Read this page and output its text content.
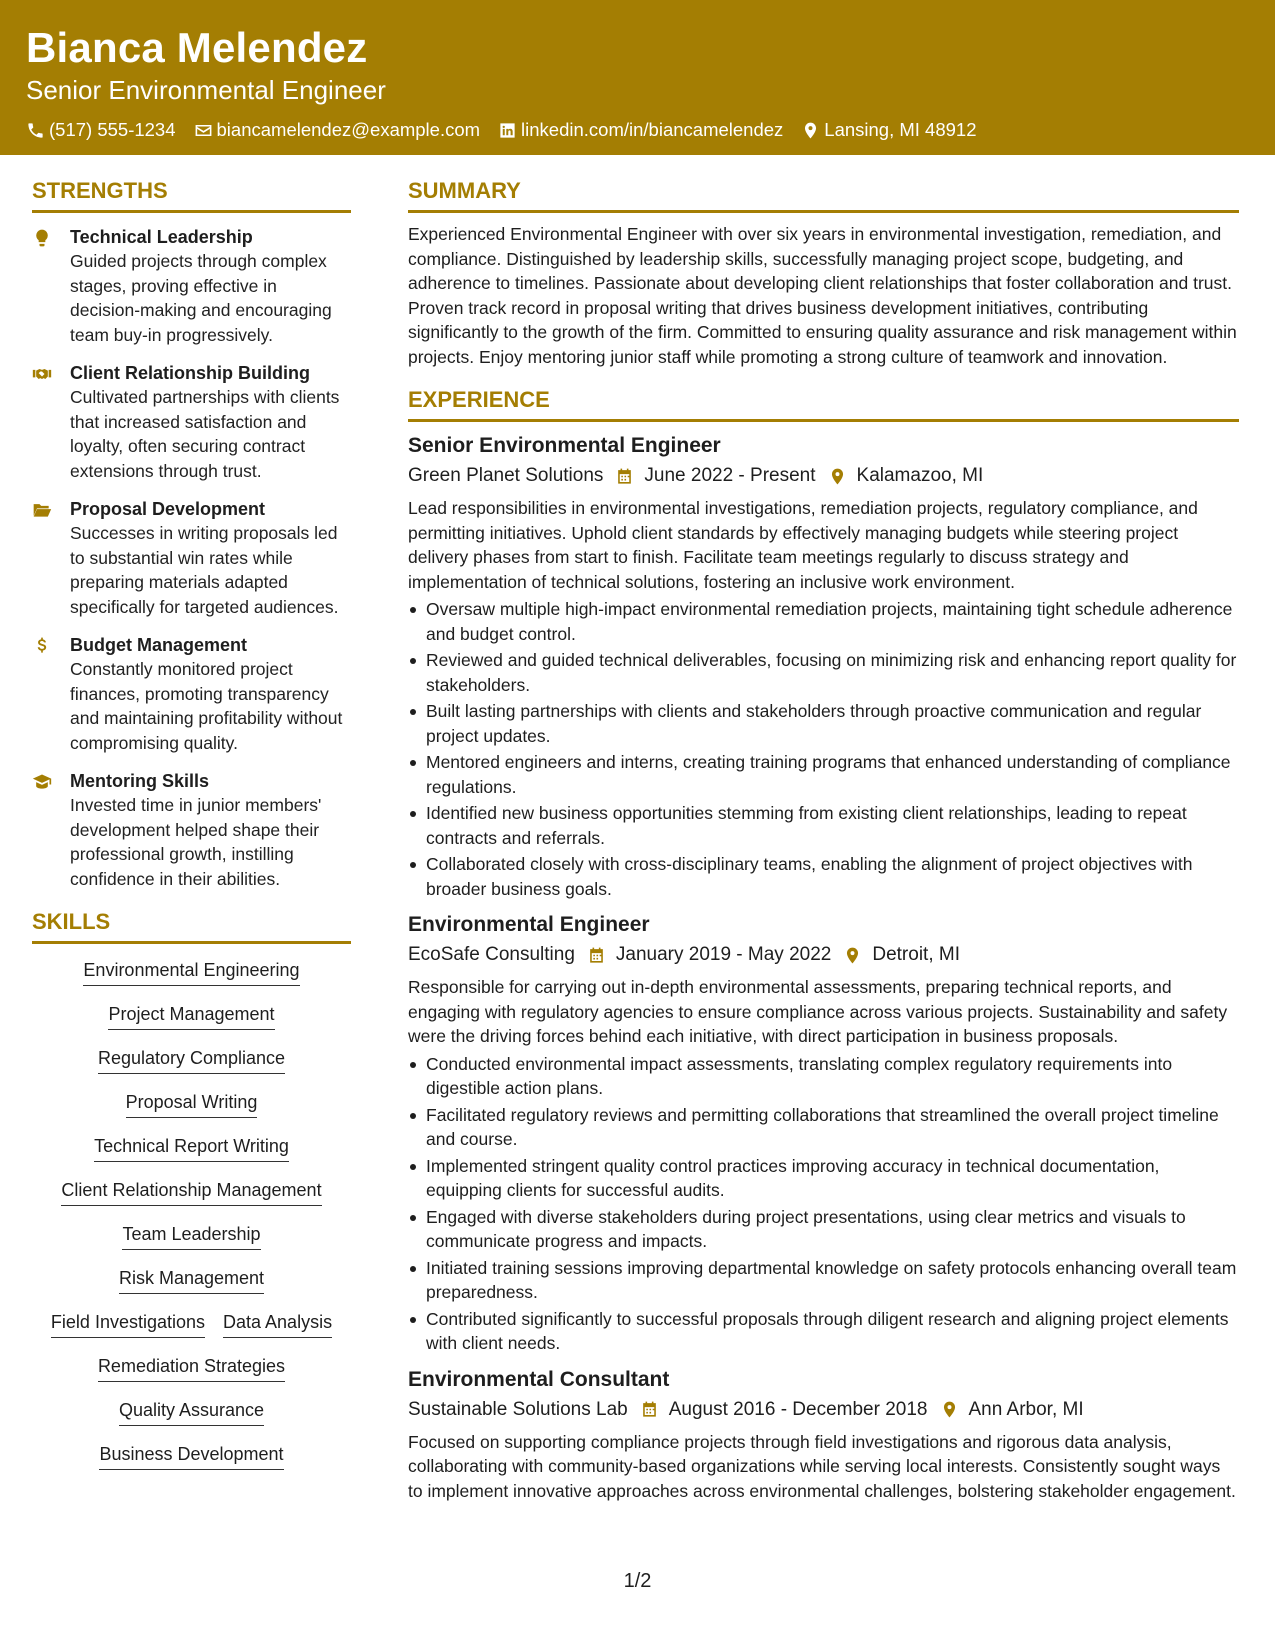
Bianca Melendez
Senior Environmental Engineer
(517) 555-1234 biancamelendez@example.com linkedin.com/in/biancamelendez Lansing, MI 48912
STRENGTHS
Technical Leadership
Guided projects through complex stages, proving effective in decision-making and encouraging team buy-in progressively.
Client Relationship Building
Cultivated partnerships with clients that increased satisfaction and loyalty, often securing contract extensions through trust.
Proposal Development
Successes in writing proposals led to substantial win rates while preparing materials adapted specifically for targeted audiences.
Budget Management
Constantly monitored project finances, promoting transparency and maintaining profitability without compromising quality.
Mentoring Skills
Invested time in junior members' development helped shape their professional growth, instilling confidence in their abilities.
SKILLS
Environmental Engineering
Project Management
Regulatory Compliance
Proposal Writing
Technical Report Writing
Client Relationship Management
Team Leadership
Risk Management
Field Investigations Data Analysis
Remediation Strategies
Quality Assurance
Business Development
SUMMARY
Experienced Environmental Engineer with over six years in environmental investigation, remediation, and compliance. Distinguished by leadership skills, successfully managing project scope, budgeting, and adherence to timelines. Passionate about developing client relationships that foster collaboration and trust. Proven track record in proposal writing that drives business development initiatives, contributing significantly to the growth of the firm. Committed to ensuring quality assurance and risk management within projects. Enjoy mentoring junior staff while promoting a strong culture of teamwork and innovation.
EXPERIENCE
Senior Environmental Engineer
Green Planet Solutions June 2022 - Present Kalamazoo, MI
Lead responsibilities in environmental investigations, remediation projects, regulatory compliance, and permitting initiatives. Uphold client standards by effectively managing budgets while steering project delivery phases from start to finish. Facilitate team meetings regularly to discuss strategy and implementation of technical solutions, fostering an inclusive work environment.
Oversaw multiple high-impact environmental remediation projects, maintaining tight schedule adherence and budget control.
Reviewed and guided technical deliverables, focusing on minimizing risk and enhancing report quality for stakeholders.
Built lasting partnerships with clients and stakeholders through proactive communication and regular project updates.
Mentored engineers and interns, creating training programs that enhanced understanding of compliance regulations.
Identified new business opportunities stemming from existing client relationships, leading to repeat contracts and referrals.
Collaborated closely with cross-disciplinary teams, enabling the alignment of project objectives with broader business goals.
Environmental Engineer
EcoSafe Consulting January 2019 - May 2022 Detroit, MI
Responsible for carrying out in-depth environmental assessments, preparing technical reports, and engaging with regulatory agencies to ensure compliance across various projects. Sustainability and safety were the driving forces behind each initiative, with direct participation in business proposals.
Conducted environmental impact assessments, translating complex regulatory requirements into digestible action plans.
Facilitated regulatory reviews and permitting collaborations that streamlined the overall project timeline and course.
Implemented stringent quality control practices improving accuracy in technical documentation, equipping clients for successful audits.
Engaged with diverse stakeholders during project presentations, using clear metrics and visuals to communicate progress and impacts.
Initiated training sessions improving departmental knowledge on safety protocols enhancing overall team preparedness.
Contributed significantly to successful proposals through diligent research and aligning project elements with client needs.
Environmental Consultant
Sustainable Solutions Lab August 2016 - December 2018 Ann Arbor, MI
Focused on supporting compliance projects through field investigations and rigorous data analysis, collaborating with community-based organizations while serving local interests. Consistently sought ways to implement innovative approaches across environmental challenges, bolstering stakeholder engagement.
1/2
